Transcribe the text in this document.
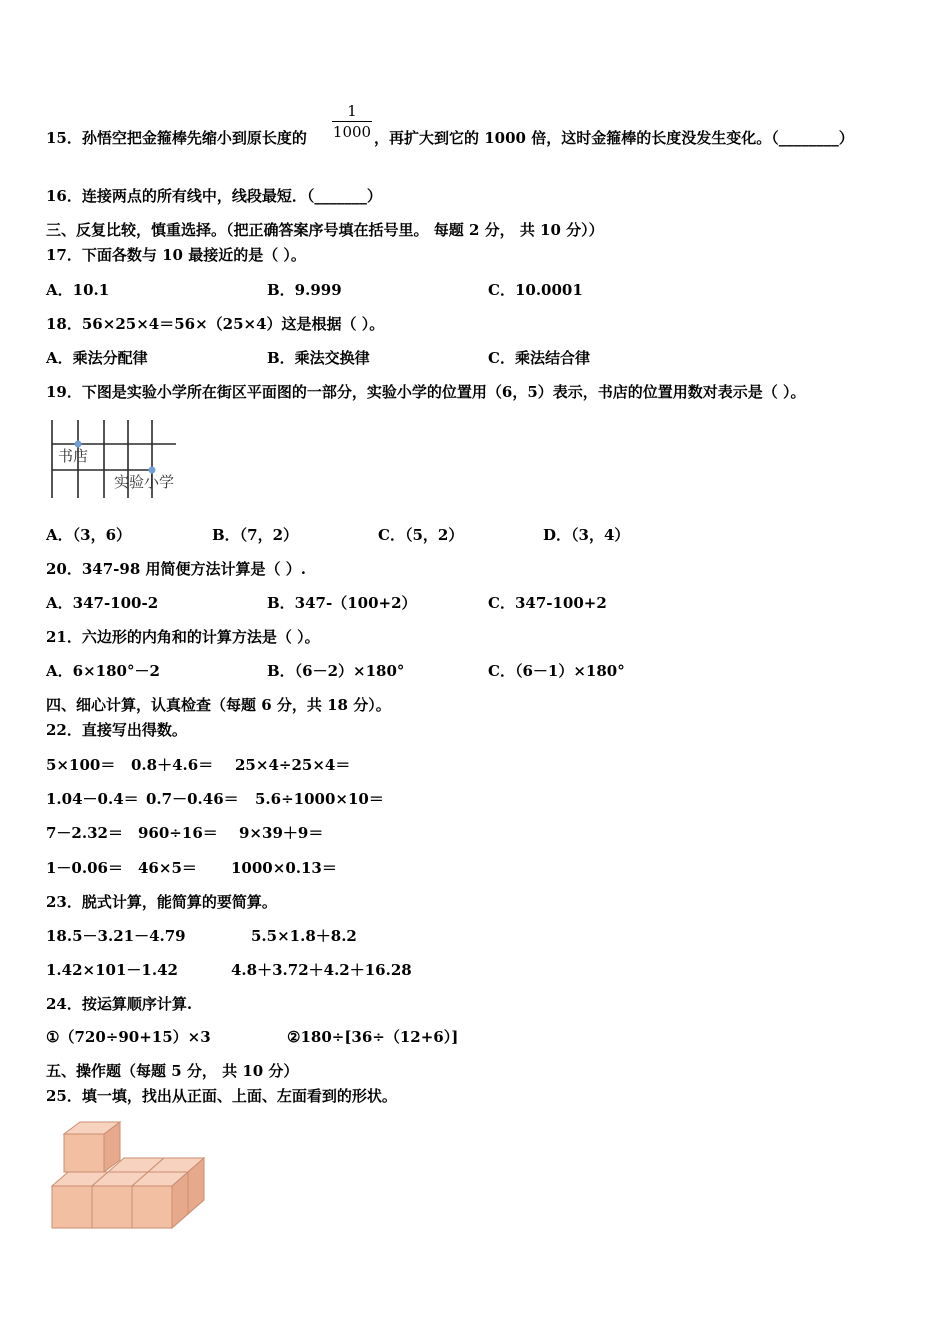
15．孙悟空把金箍棒先缩小到原长度的
1
1000 ，再扩大到它的 1000 倍，这时金箍棒的长度没发生变化。（________）
16．连接两点的所有线中，线段最短．（_______）
三、反复比较，慎重选择。（把正确答案序号填在括号里。 每题 2 分， 共 10 分））
17．下面各数与 10 最接近的是（ ）。
A．10.1	B．9.999	C．10.0001
18．56×25×4＝56×（25×4）这是根据（ ）。
A．乘法分配律	B．乘法交换律	C．乘法结合律
19．下图是实验小学所在街区平面图的一部分，实验小学的位置用（6，5）表示，书店的位置用数对表示是（ ）。
书店
实验小学
A．（3，6）	B．（7，2）	C．（5，2）	D．（3，4）
20．347-98 用简便方法计算是（ ）.
A．347-100-2	B．347-（100+2）	C．347-100+2
21．六边形的内角和的计算方法是（ ）。
A．6×180°－2	B．（6－2）×180°	C．（6－1）×180°
四、细心计算，认真检查（每题 6 分，共 18 分）。
22．直接写出得数。
5×100＝ 0.8＋4.6＝ 25×4÷25×4＝
1.04－0.4＝ 0.7－0.46＝ 5.6÷1000×10＝
7－2.32＝ 960÷16＝ 9×39＋9＝
1－0.06＝ 46×5＝ 1000×0.13＝
23．脱式计算，能简算的要简算。
18.5－3.21－4.79	5.5×1.8＋8.2
1.42×101－1.42	4.8＋3.72＋4.2＋16.28
24．按运算顺序计算.
①（720÷90+15）×3	②180÷[36÷（12+6）]
五、操作题（每题 5 分， 共 10 分）
25．填一填，找出从正面、上面、左面看到的形状。
